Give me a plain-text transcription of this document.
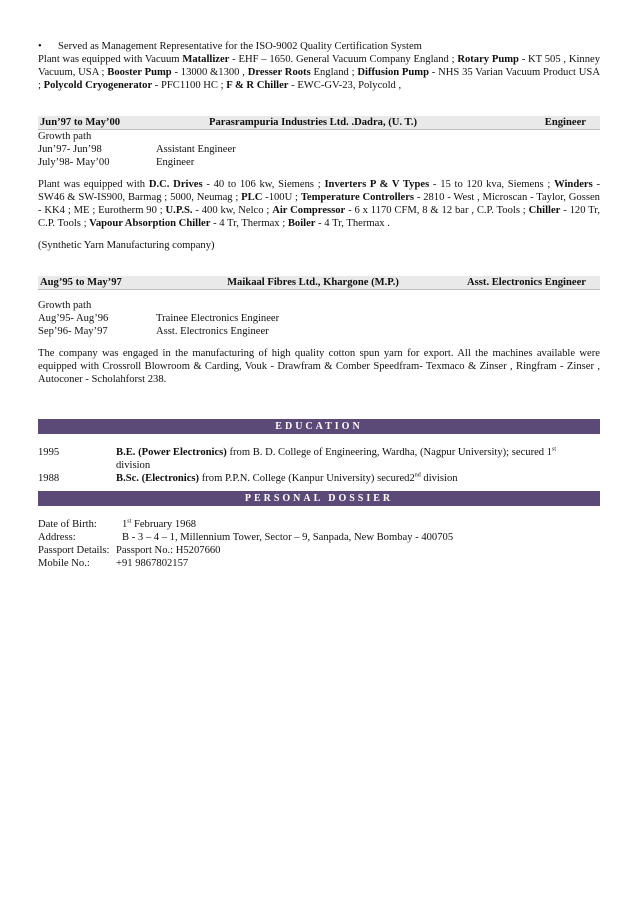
• Served as Management Representative for the ISO-9002 Quality Certification System

Plant was equipped with Vacuum Matallizer - EHF – 1650. General Vacuum Company England ; Rotary Pump - KT 505 , Kinney Vacuum, USA ; Booster Pump - 13000 &1300 , Dresser Roots England ; Diffusion Pump - NHS 35 Varian Vacuum Product USA ; Polycold Cryogenerator - PFC1100 HC ; F & R Chiller - EWC-GV-23, Polycold ,

Jun’97 to May’00	Parasrampuria Industries Ltd. .Dadra, (U. T.)	Engineer
Growth path
Jun’97- Jun’98	Assistant Engineer
July’98- May’00	Engineer

Plant was equipped with D.C. Drives - 40 to 106 kw, Siemens ; Inverters P & V Types - 15 to 120 kva, Siemens ; Winders - SW46 & SW-IS900, Barmag ; 5000, Neumag ; PLC -100U ; Temperature Controllers - 2810 - West , Microscan - Taylor, Gossen - KK4 ; ME ; Eurotherm 90 ; U.P.S. - 400 kw, Nelco ; Air Compressor - 6 x 1170 CFM, 8 & 12 bar , C.P. Tools ; Chiller - 120 Tr, C.P. Tools ; Vapour Absorption Chiller - 4 Tr, Thermax ; Boiler - 4 Tr, Thermax .

(Synthetic Yarn Manufacturing company)
Aug’95 to May’97	Maikaal Fibres Ltd., Khargone (M.P.)	Asst. Electronics Engineer
Growth path
Aug’95- Aug’96	Trainee Electronics Engineer
Sep’96- May’97	Asst. Electronics Engineer

The company was engaged in the manufacturing of high quality cotton spun yarn for export. All the machines available were equipped with Crossroll Blowroom & Carding, Vouk - Drawfram & Comber Speedfram- Texmaco & Zinser , Ringfram - Zinser , Autoconer - Scholahforst 238.

EDUCATION
1995	B.E. (Power Electronics) from B. D. College of Engineering, Wardha, (Nagpur University); secured 1st
division
1988	B.Sc. (Electronics) from P.P.N. College (Kanpur University) secured2nd division
PERSONAL DOSSIER
Date of Birth:	1st February 1968
Address:	B - 3 – 4 – 1, Millennium Tower, Sector – 9, Sanpada, New Bombay - 400705
Passport Details: Passport No.: H5207660
Mobile No.:	+91 9867802157
